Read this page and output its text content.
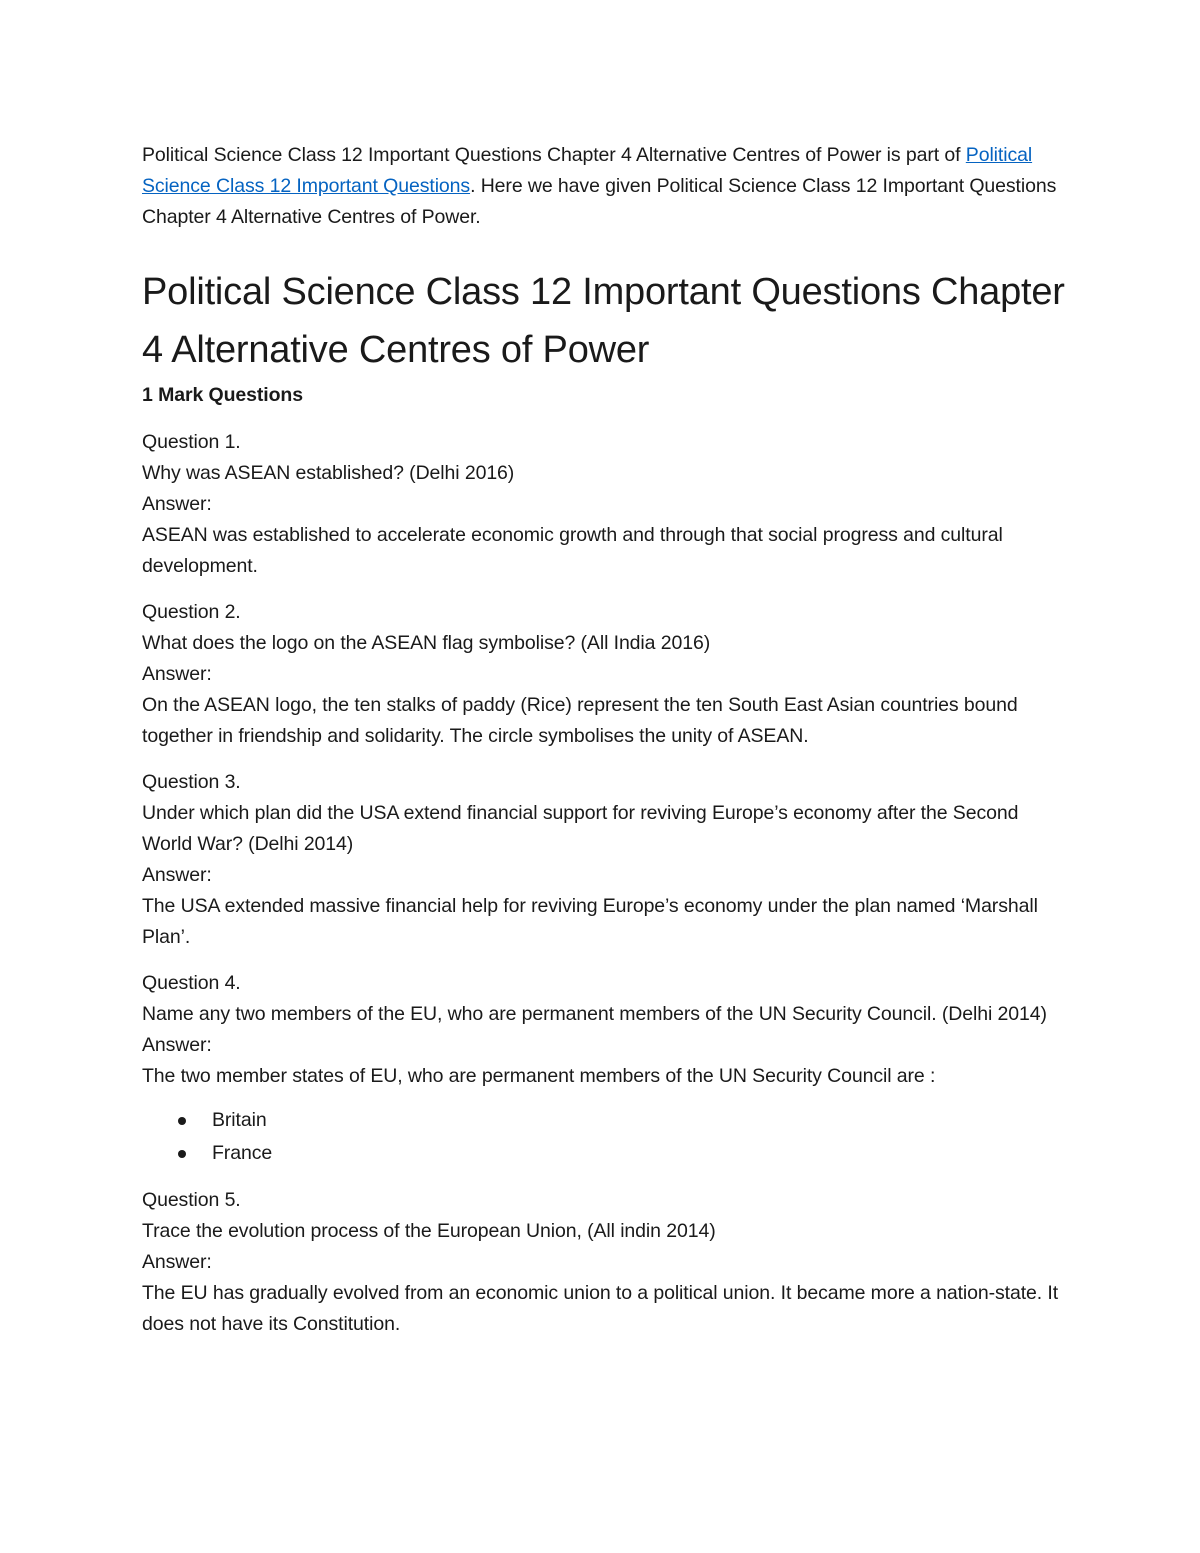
Political Science Class 12 Important Questions Chapter 4 Alternative Centres of Power is part of Political Science Class 12 Important Questions. Here we have given Political Science Class 12 Important Questions Chapter 4 Alternative Centres of Power.

Political Science Class 12 Important Questions Chapter 4 Alternative Centres of Power
1 Mark Questions

Question 1.

Why was ASEAN established? (Delhi 2016)

Answer:

ASEAN was established to accelerate economic growth and through that social progress and cultural development.

Question 2.

What does the logo on the ASEAN flag symbolise? (All India 2016)

Answer:

On the ASEAN logo, the ten stalks of paddy (Rice) represent the ten South East Asian countries bound together in friendship and solidarity. The circle symbolises the unity of ASEAN.

Question 3.

Under which plan did the USA extend financial support for reviving Europe’s economy after the Second World War? (Delhi 2014)

Answer:

The USA extended massive financial help for reviving Europe’s economy under the plan named ‘Marshall Plan’.

Question 4.

Name any two members of the EU, who are permanent members of the UN Security Council. (Delhi 2014)

Answer:

The two member states of EU, who are permanent members of the UN Security Council are :

Britain
France

Question 5.

Trace the evolution process of the European Union, (All indin 2014)

Answer:

The EU has gradually evolved from an economic union to a political union. It became more a nation-state. It does not have its Constitution.
